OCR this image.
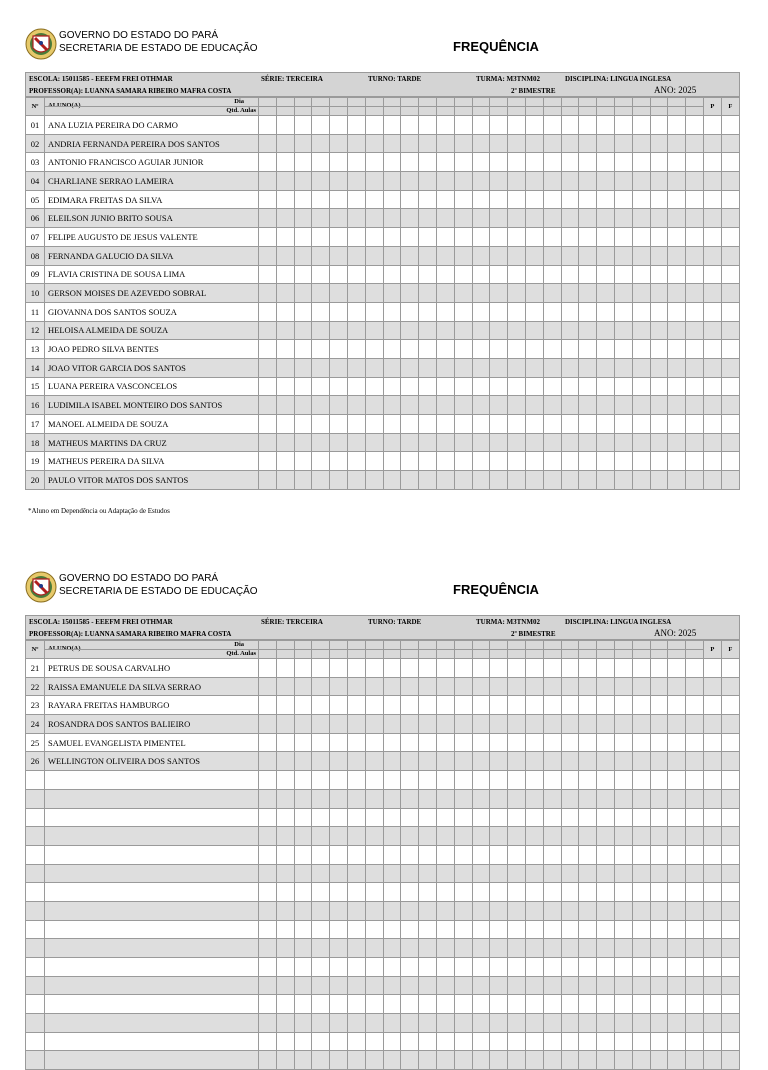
GOVERNO DO ESTADO DO PARÁ
SECRETARIA DE ESTADO DE EDUCAÇÃO	FREQUÊNCIA
ESCOLA: 15011585 - EEEFM FREI OTHMAR	SÉRIE: TERCEIRA	TURNO: TARDE	TURMA: M3TNM02	DISCIPLINA: LINGUA INGLESA
PROFESSOR(A): LUANNA SAMARA RIBEIRO MAFRA COSTA	2º BIMESTRE	ANO: 2025
Nº	ALUNO(A)
Dia
Qtd. Aulas																										P	F
01	ANA LUZIA PEREIRA DO CARMO																											
02	ANDRIA FERNANDA PEREIRA DOS SANTOS																											
03	ANTONIO FRANCISCO AGUIAR JUNIOR																											
04	CHARLIANE SERRAO LAMEIRA																											
05	EDIMARA FREITAS DA SILVA																											
06	ELEILSON JUNIO BRITO SOUSA																											
07	FELIPE AUGUSTO DE JESUS VALENTE																											
08	FERNANDA GALUCIO DA SILVA																											
09	FLAVIA CRISTINA DE SOUSA LIMA																											
10	GERSON MOISES DE AZEVEDO SOBRAL																											
11	GIOVANNA DOS SANTOS SOUZA																											
12	HELOISA ALMEIDA DE SOUZA																											
13	JOAO PEDRO SILVA BENTES																											
14	JOAO VITOR GARCIA DOS SANTOS																											
15	LUANA PEREIRA VASCONCELOS																											
16	LUDIMILA ISABEL MONTEIRO DOS SANTOS																											
17	MANOEL ALMEIDA DE SOUZA																											
18	MATHEUS MARTINS DA CRUZ																											
19	MATHEUS PEREIRA DA SILVA																											
20	PAULO VITOR MATOS DOS SANTOS																											
*Aluno em Dependência ou Adaptação de Estudos
GOVERNO DO ESTADO DO PARÁ
SECRETARIA DE ESTADO DE EDUCAÇÃO	FREQUÊNCIA
ESCOLA: 15011585 - EEEFM FREI OTHMAR	SÉRIE: TERCEIRA	TURNO: TARDE	TURMA: M3TNM02	DISCIPLINA: LINGUA INGLESA
PROFESSOR(A): LUANNA SAMARA RIBEIRO MAFRA COSTA	2º BIMESTRE	ANO: 2025
Nº	ALUNO(A)
Dia
Qtd. Aulas																										P	F
21	PETRUS DE SOUSA CARVALHO																											
22	RAISSA EMANUELE DA SILVA SERRAO																											
23	RAYARA FREITAS HAMBURGO																											
24	ROSANDRA DOS SANTOS BALIEIRO																											
25	SAMUEL EVANGELISTA PIMENTEL																											
26	WELLINGTON OLIVEIRA DOS SANTOS																											
